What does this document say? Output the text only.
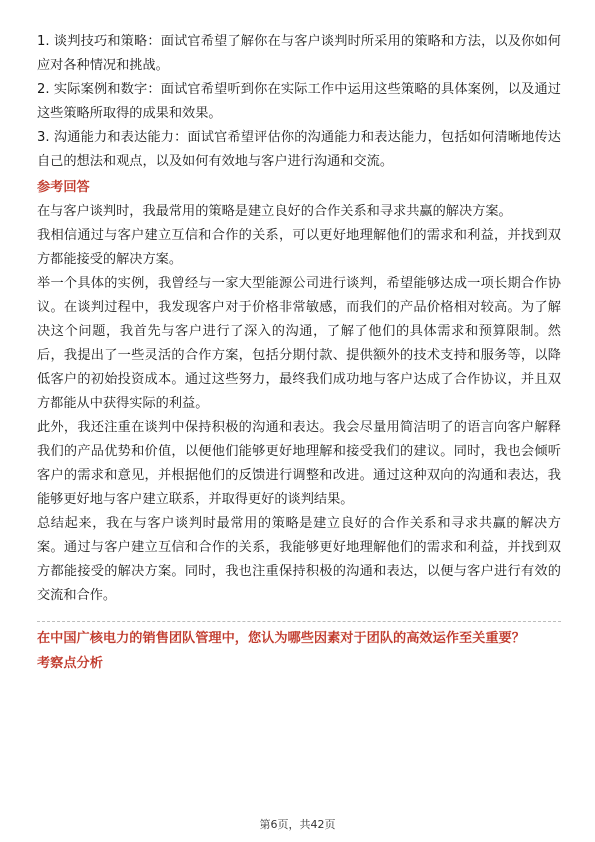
1. 谈判技巧和策略：面试官希望了解你在与客户谈判时所采用的策略和方法，以及你如何应对各种情况和挑战。

2. 实际案例和数字：面试官希望听到你在实际工作中运用这些策略的具体案例，以及通过这些策略所取得的成果和效果。

3. 沟通能力和表达能力：面试官希望评估你的沟通能力和表达能力，包括如何清晰地传达自己的想法和观点，以及如何有效地与客户进行沟通和交流。

参考回答

在与客户谈判时，我最常用的策略是建立良好的合作关系和寻求共赢的解决方案。

我相信通过与客户建立互信和合作的关系，可以更好地理解他们的需求和利益，并找到双方都能接受的解决方案。

举一个具体的实例，我曾经与一家大型能源公司进行谈判，希望能够达成一项长期合作协议。在谈判过程中，我发现客户对于价格非常敏感，而我们的产品价格相对较高。为了解决这个问题，我首先与客户进行了深入的沟通，了解了他们的具体需求和预算限制。然后，我提出了一些灵活的合作方案，包括分期付款、提供额外的技术支持和服务等，以降低客户的初始投资成本。通过这些努力，最终我们成功地与客户达成了合作协议，并且双方都能从中获得实际的利益。

此外，我还注重在谈判中保持积极的沟通和表达。我会尽量用简洁明了的语言向客户解释我们的产品优势和价值，以便他们能够更好地理解和接受我们的建议。同时，我也会倾听客户的需求和意见，并根据他们的反馈进行调整和改进。通过这种双向的沟通和表达，我能够更好地与客户建立联系，并取得更好的谈判结果。

总结起来，我在与客户谈判时最常用的策略是建立良好的合作关系和寻求共赢的解决方案。通过与客户建立互信和合作的关系，我能够更好地理解他们的需求和利益，并找到双方都能接受的解决方案。同时，我也注重保持积极的沟通和表达，以便与客户进行有效的交流和合作。

在中国广核电力的销售团队管理中，您认为哪些因素对于团队的高效运作至关重要？

考察点分析

第6页，共42页
